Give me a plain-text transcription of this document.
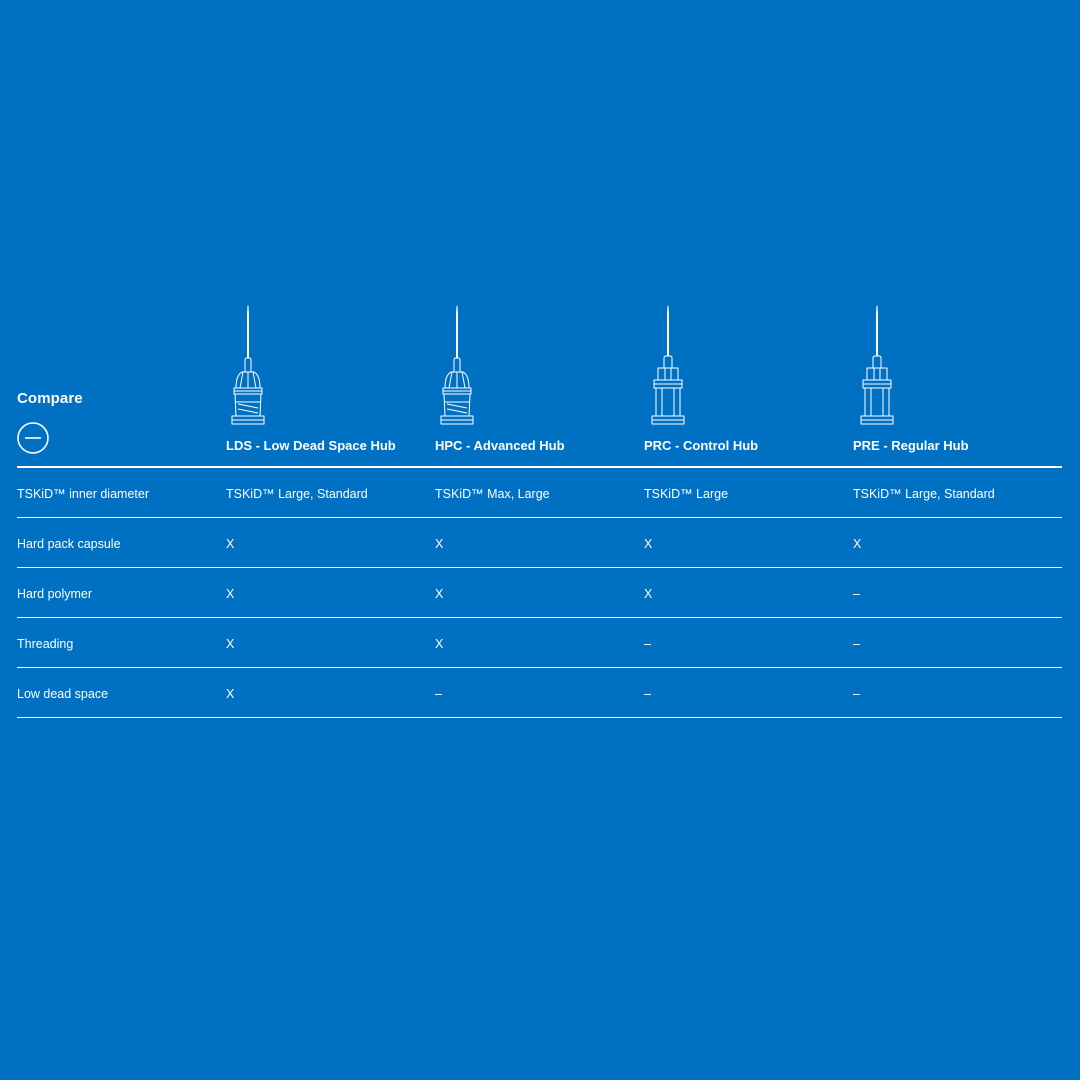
Compare
LDS - Low Dead Space Hub	HPC - Advanced Hub	PRC - Control Hub	PRE - Regular Hub
TSKiD™ inner diameter	TSKiD™ Large, Standard	TSKiD™ Max, Large	TSKiD™ Large	TSKiD™ Large, Standard
Hard pack capsule	X	X	X	X
Hard polymer	X	X	X	–
Threading	X	X	–	–
Low dead space	X	–	–	–
